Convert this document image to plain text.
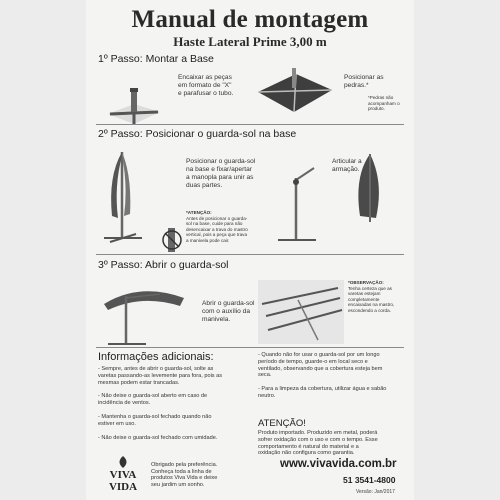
Manual de montagem
Haste Lateral Prime 3,00 m
1º Passo: Montar a Base
Encaixar as peças
em formato de "X"
e parafusar o tubo.
Posicionar as
pedras.*
*Pedras não
acompanham o
produto.
2º Passo: Posicionar o guarda-sol na base
Posicionar o guarda-sol
na base e fixar/apertar
a manopla para unir as
duas partes.
Articular a
armação.
*ATENÇÃO:
Antes de posicionar o guarda-
sol na base, cuide para não
desencaixar a trava do mastro
vertical, pois a peça que trava
a manivela pode cair.
3º Passo: Abrir o guarda-sol
Abrir o guarda-sol
com o auxílio da
manivela.
*OBSERVAÇÃO:
Tenha certeza que as
varetas estejam
completamente
encaixadas na mastro,
escondendo a corda.
Informações adicionais:
- Sempre, antes de abrir o guarda-sol, solte as
varetas passando-as levemente para fora, pois as
mesmas podem estar trancadas.
- Não deixe o guarda-sol aberto em caso de
incidência de ventos.
- Mantenha o guarda-sol fechado quando não
estiver em uso.
- Não deixe o guarda-sol fechado com umidade.
- Quando não for usar o guarda-sol por um longo
período de tempo, guarde-o em local seco e
ventilado, observando que a cobertura esteja bem
seca.
- Para a limpeza da cobertura, utilizar água e sabão
neutro.
ATENÇÃO!
Produto importado. Produzido em metal, poderá
sofrer oxidação com o uso e com o tempo. Esse
comportamento é natural do material e a
oxidação não configura como garantia.
VIVA
VIDA
Obrigado pela preferência.
Conheça toda a linha de
produtos Viva Vida e deixe
seu jardim um sonho.
www.vivavida.com.br
51 3541-4800
Versão: Jan/2017
